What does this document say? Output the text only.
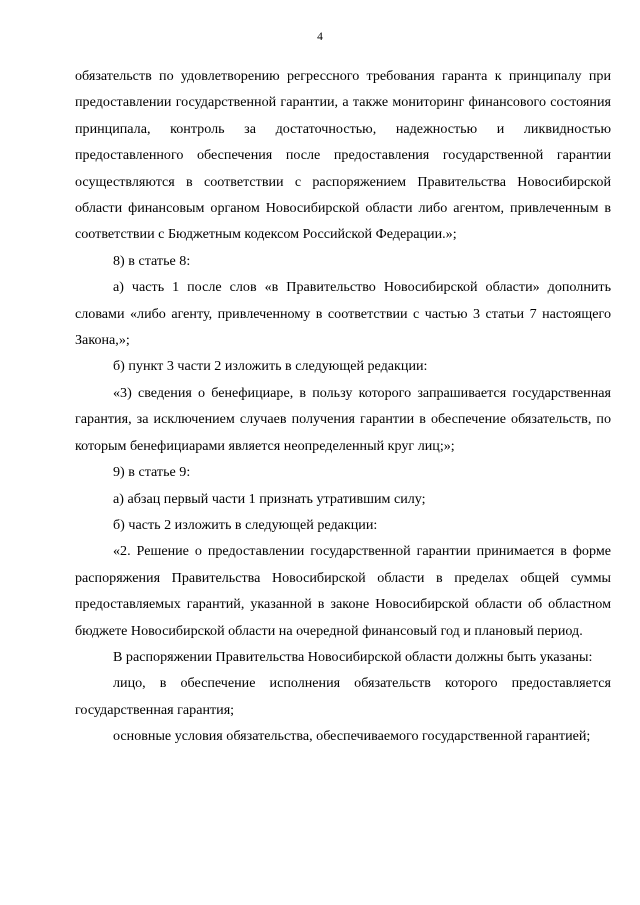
4

обязательств по удовлетворению регрессного требования гаранта к принципалу при предоставлении государственной гарантии, а также мониторинг финансового состояния принципала, контроль за достаточностью, надежностью и ликвидностью предоставленного обеспечения после предоставления государственной гарантии осуществляются в соответствии с распоряжением Правительства Новосибирской области финансовым органом Новосибирской области либо агентом, привлеченным в соответствии с Бюджетным кодексом Российской Федерации.»;

8) в статье 8:

а) часть 1 после слов «в Правительство Новосибирской области» дополнить словами «либо агенту, привлеченному в соответствии с частью 3 статьи 7 настоящего Закона,»;

б) пункт 3 части 2 изложить в следующей редакции:

«3) сведения о бенефициаре, в пользу которого запрашивается государственная гарантия, за исключением случаев получения гарантии в обеспечение обязательств, по которым бенефициарами является неопределенный круг лиц;»;

9) в статье 9:

а) абзац первый части 1 признать утратившим силу;

б) часть 2 изложить в следующей редакции:

«2. Решение о предоставлении государственной гарантии принимается в форме распоряжения Правительства Новосибирской области в пределах общей суммы предоставляемых гарантий, указанной в законе Новосибирской области об областном бюджете Новосибирской области на очередной финансовый год и плановый период.

В распоряжении Правительства Новосибирской области должны быть указаны:

лицо, в обеспечение исполнения обязательств которого предоставляется государственная гарантия;

основные условия обязательства, обеспечиваемого государственной гарантией;
